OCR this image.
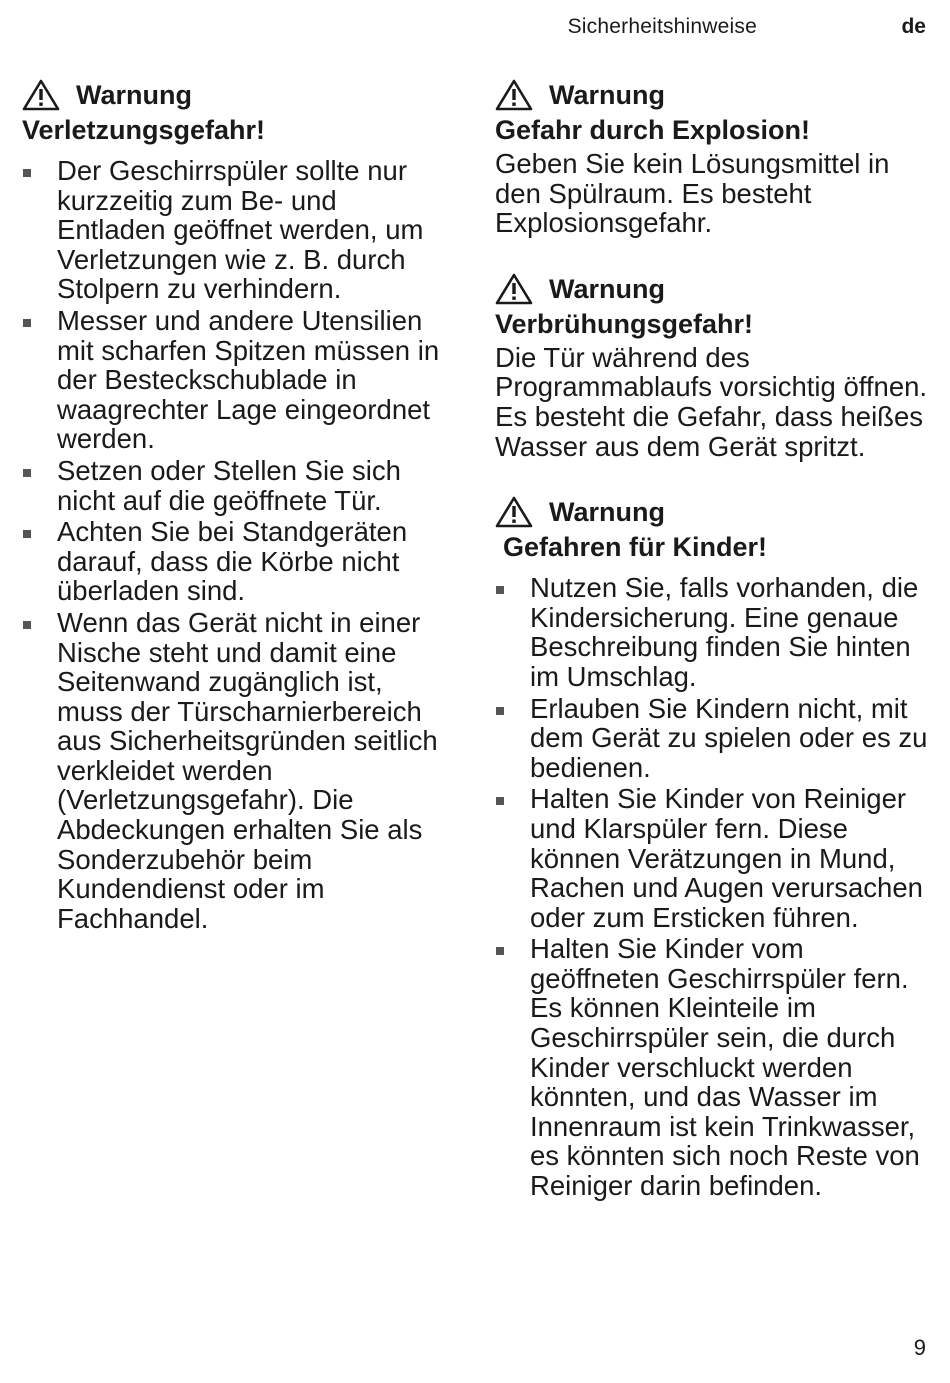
Sicherheitshinweise	de
Warnung
Verletzungsgefahr!
Der Geschirrspüler sollte nur kurzzeitig zum Be- und Entladen geöffnet werden, um Verletzungen wie z. B. durch Stolpern zu verhindern.
Messer und andere Utensilien mit scharfen Spitzen müssen in der Besteckschublade in waagrechter Lage eingeordnet werden.
Setzen oder Stellen Sie sich nicht auf die geöffnete Tür.
Achten Sie bei Standgeräten darauf, dass die Körbe nicht überladen sind.
Wenn das Gerät nicht in einer Nische steht und damit eine Seitenwand zugänglich ist, muss der Türscharnierbereich aus Sicherheitsgründen seitlich verkleidet werden (Verletzungsgefahr). Die Abdeckungen erhalten Sie als Sonderzubehör beim Kundendienst oder im Fachhandel.
Warnung
Gefahr durch Explosion!
Geben Sie kein Lösungsmittel in den Spülraum. Es besteht Explosionsgefahr.
Warnung
Verbrühungsgefahr!
Die Tür während des Programmablaufs vorsichtig öffnen. Es besteht die Gefahr, dass heißes Wasser aus dem Gerät spritzt.
Warnung
Gefahren für Kinder!
Nutzen Sie, falls vorhanden, die Kindersicherung. Eine genaue Beschreibung finden Sie hinten im Umschlag.
Erlauben Sie Kindern nicht, mit dem Gerät zu spielen oder es zu bedienen.
Halten Sie Kinder von Reiniger und Klarspüler fern. Diese können Verätzungen in Mund, Rachen und Augen verursachen oder zum Ersticken führen.
Halten Sie Kinder vom geöffneten Geschirrspüler fern. Es können Kleinteile im Geschirrspüler sein, die durch Kinder verschluckt werden könnten, und das Wasser im Innenraum ist kein Trinkwasser, es könnten sich noch Reste von Reiniger darin befinden.
9
